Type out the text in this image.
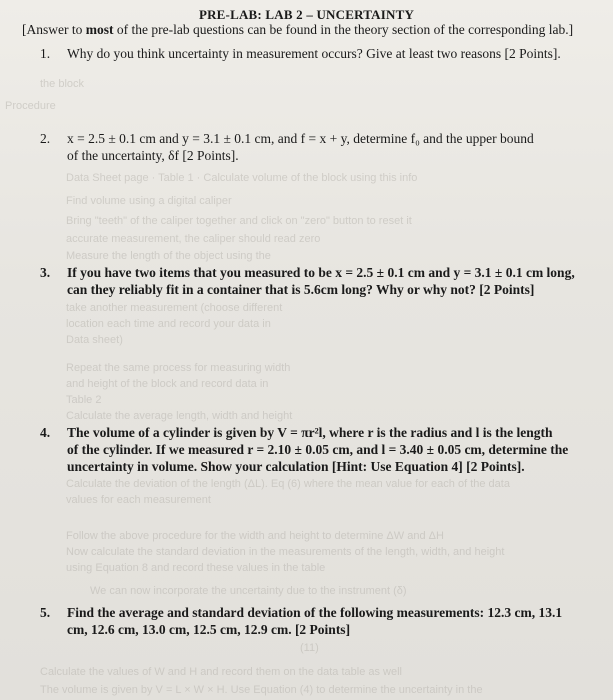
the block
Procedure
Data Sheet page · Table 1 · Calculate volume of the block using this info
Find volume using a digital caliper
Bring "teeth" of the caliper together and click on "zero" button to reset it
accurate measurement, the caliper should read zero
Measure the length of the object using the
take another measurement (choose different
location each time and record your data in
Data sheet)
Repeat the same process for measuring width
and height of the block and record data in
Table 2
Calculate the average length, width and height
Calculate the deviation of the length (ΔL). Eq (6) where the mean value for each of the data
values for each measurement
Follow the above procedure for the width and height to determine ΔW and ΔH
Now calculate the standard deviation in the measurements of the length, width, and height
using Equation 8 and record these values in the table
We can now incorporate the uncertainty due to the instrument (δ)
(11)
Calculate the values of W and H and record them on the data table as well
The volume is given by V = L × W × H. Use Equation (4) to determine the uncertainty in the
PRE-LAB: LAB 2 – UNCERTAINTY
[Answer to most of the pre-lab questions can be found in the theory section of the corresponding lab.]
1. Why do you think uncertainty in measurement occurs? Give at least two reasons [2 Points].
2. x = 2.5 ± 0.1 cm and y = 3.1 ± 0.1 cm, and f = x + y, determine f₀ and the upper bound
of the uncertainty, δf [2 Points].
3. If you have two items that you measured to be x = 2.5 ± 0.1 cm and y = 3.1 ± 0.1 cm long,
can they reliably fit in a container that is 5.6cm long? Why or why not? [2 Points]
4. The volume of a cylinder is given by V = πr²l, where r is the radius and l is the length
of the cylinder. If we measured r = 2.10 ± 0.05 cm, and l = 3.40 ± 0.05 cm, determine the
uncertainty in volume. Show your calculation [Hint: Use Equation 4] [2 Points].
5. Find the average and standard deviation of the following measurements: 12.3 cm, 13.1
cm, 12.6 cm, 13.0 cm, 12.5 cm, 12.9 cm. [2 Points]
